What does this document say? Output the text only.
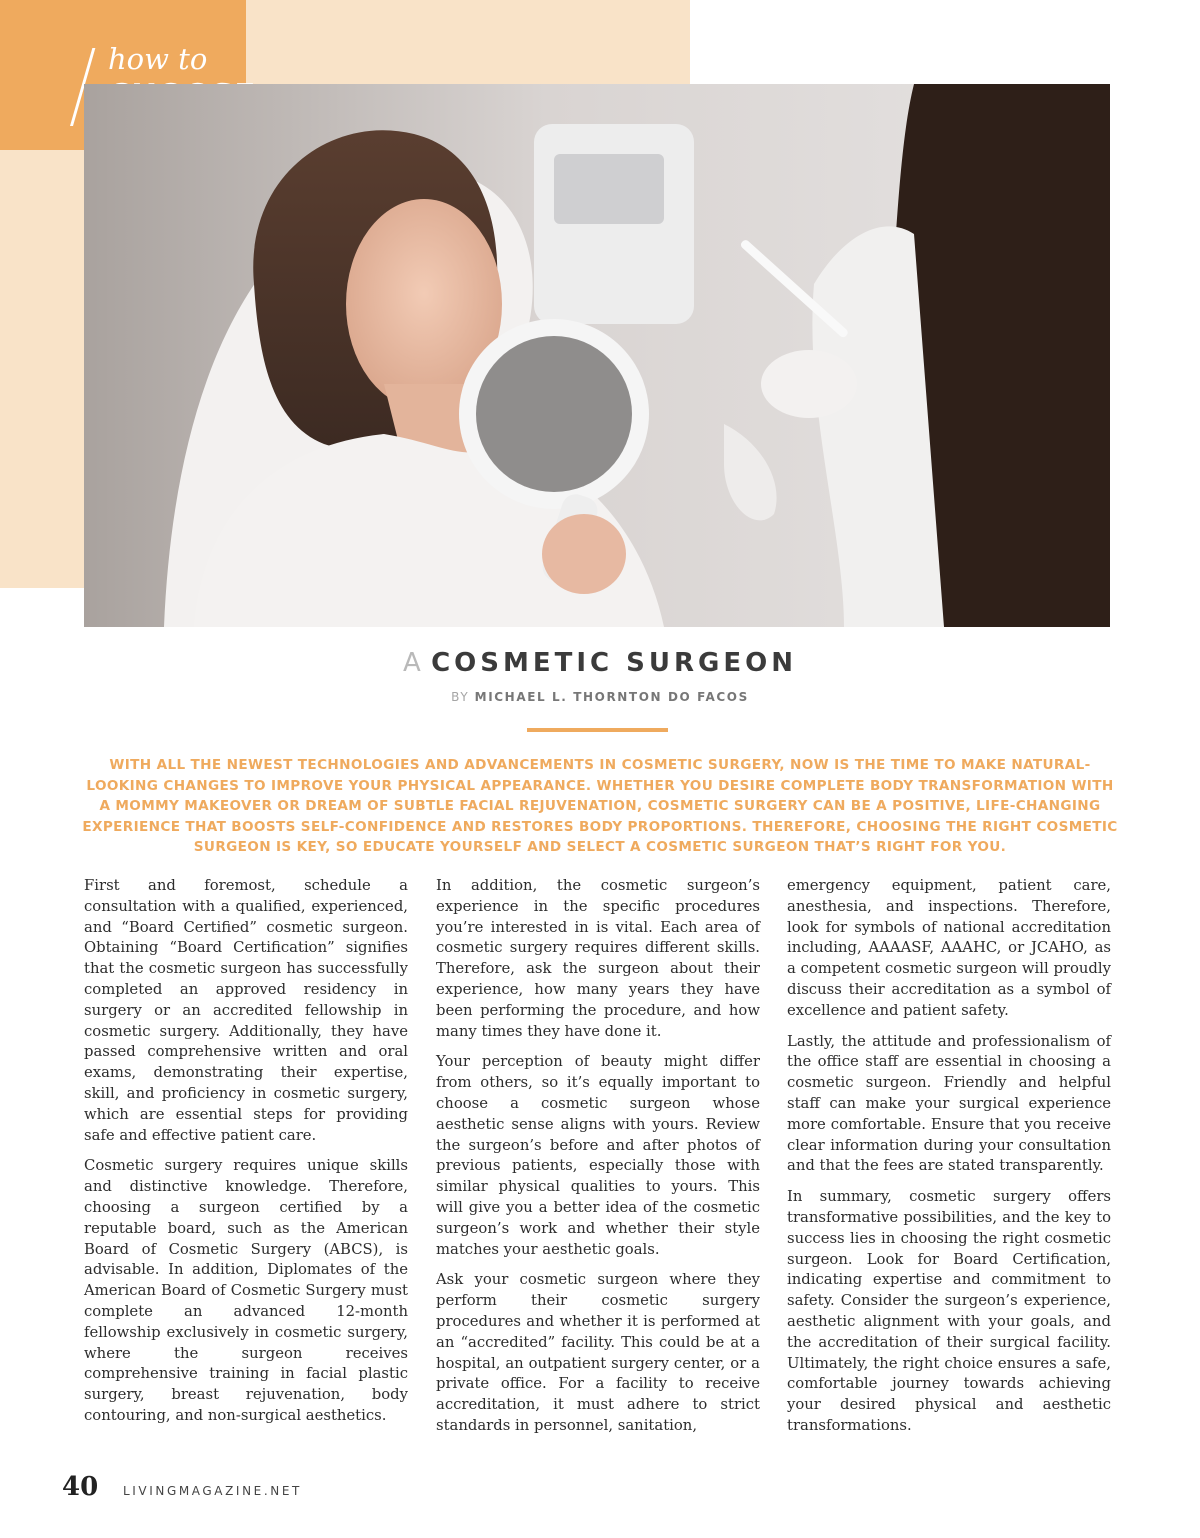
how to
A COSMETIC SURGEON
BY MICHAEL L. THORNTON DO FACOS

WITH ALL THE NEWEST TECHNOLOGIES AND ADVANCEMENTS IN COSMETIC SURGERY, NOW IS THE TIME TO MAKE NATURAL-LOOKING CHANGES TO IMPROVE YOUR PHYSICAL APPEARANCE. WHETHER YOU DESIRE COMPLETE BODY TRANSFORMATION WITH A MOMMY MAKEOVER OR DREAM OF SUBTLE FACIAL REJUVENATION, COSMETIC SURGERY CAN BE A POSITIVE, LIFE-CHANGING EXPERIENCE THAT BOOSTS SELF-CONFIDENCE AND RESTORES BODY PROPORTIONS. THEREFORE, CHOOSING THE RIGHT COSMETIC SURGEON IS KEY, SO EDUCATE YOURSELF AND SELECT A COSMETIC SURGEON THAT’S RIGHT FOR YOU.

First and foremost, schedule a consultation with a qualified, experienced, and “Board Certified” cosmetic surgeon. Obtaining “Board Certification” signifies that the cosmetic surgeon has successfully completed an approved residency in surgery or an accredited fellowship in cosmetic surgery. Additionally, they have passed comprehensive written and oral exams, demonstrating their expertise, skill, and proficiency in cosmetic surgery, which are essential steps for providing safe and effective patient care.

Cosmetic surgery requires unique skills and distinctive knowledge. Therefore, choosing a surgeon certified by a reputable board, such as the American Board of Cosmetic Surgery (ABCS), is advisable. In addition, Diplomates of the American Board of Cosmetic Surgery must complete an advanced 12-month fellowship exclusively in cosmetic surgery, where the surgeon receives comprehensive training in facial plastic surgery, breast rejuvenation, body contouring, and non-surgical aesthetics.

In addition, the cosmetic surgeon’s experience in the specific procedures you’re interested in is vital. Each area of cosmetic surgery requires different skills. Therefore, ask the surgeon about their experience, how many years they have been performing the procedure, and how many times they have done it.

Your perception of beauty might differ from others, so it’s equally important to choose a cosmetic surgeon whose aesthetic sense aligns with yours. Review the surgeon’s before and after photos of previous patients, especially those with similar physical qualities to yours. This will give you a better idea of the cosmetic surgeon’s work and whether their style matches your aesthetic goals.

Ask your cosmetic surgeon where they perform their cosmetic surgery procedures and whether it is performed at an “accredited” facility. This could be at a hospital, an outpatient surgery center, or a private office. For a facility to receive accreditation, it must adhere to strict standards in personnel, sanitation,

emergency equipment, patient care, anesthesia, and inspections. Therefore, look for symbols of national accreditation including, AAAASF, AAAHC, or JCAHO, as a competent cosmetic surgeon will proudly discuss their accreditation as a symbol of excellence and patient safety.

Lastly, the attitude and professionalism of the office staff are essential in choosing a cosmetic surgeon. Friendly and helpful staff can make your surgical experience more comfortable. Ensure that you receive clear information during your consultation and that the fees are stated transparently.

In summary, cosmetic surgery offers transformative possibilities, and the key to success lies in choosing the right cosmetic surgeon. Look for Board Certification, indicating expertise and commitment to safety. Consider the surgeon’s experience, aesthetic alignment with your goals, and the accreditation of their surgical facility. Ultimately, the right choice ensures a safe, comfortable journey towards achieving your desired physical and aesthetic transformations.

40 LIVINGMAGAZINE.NET
